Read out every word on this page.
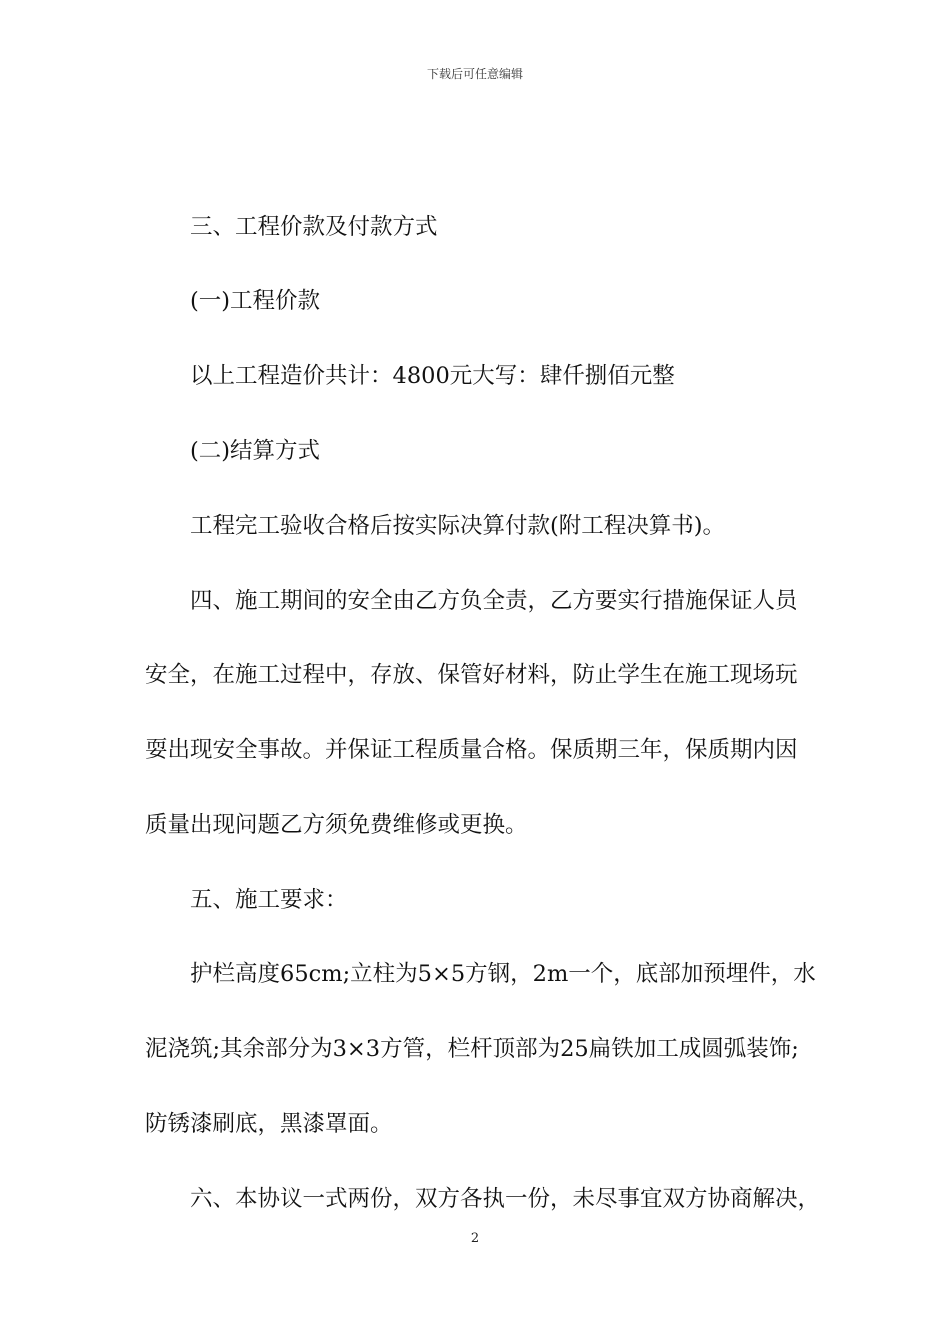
下载后可任意编辑
三、工程价款及付款方式
(一)工程价款
以上工程造价共计：4800元大写：肆仟捌佰元整
(二)结算方式
工程完工验收合格后按实际决算付款(附工程决算书)。
四、施工期间的安全由乙方负全责，乙方要实行措施保证人员
安全，在施工过程中，存放、保管好材料，防止学生在施工现场玩
耍出现安全事故。并保证工程质量合格。保质期三年，保质期内因
质量出现问题乙方须免费维修或更换。
五、施工要求：
护栏高度65cm;立柱为5×5方钢，2m一个，底部加预埋件，水
泥浇筑;其余部分为3×3方管，栏杆顶部为25扁铁加工成圆弧装饰;
防锈漆刷底，黑漆罩面。
六、本协议一式两份，双方各执一份，未尽事宜双方协商解决，
2
